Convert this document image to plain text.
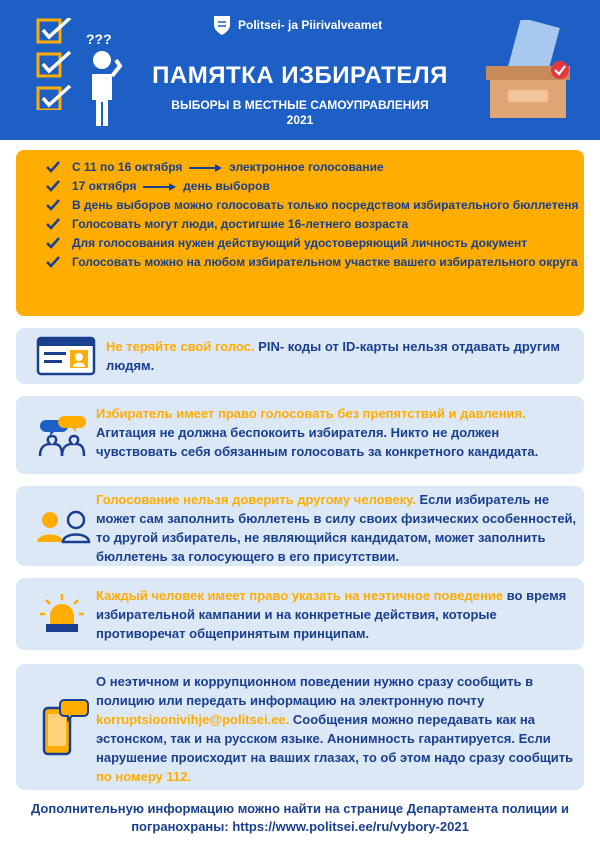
???
Politsei- ja Piirivalveamet
ПАМЯТКА ИЗБИРАТЕЛЯ
ВЫБОРЫ В МЕСТНЫЕ САМОУПРАВЛЕНИЯ
2021
С 11 по 16 октября	электронное голосование
17 октября	день выборов
В день выборов можно голосовать только посредством избирательного бюллетеня
Голосовать могут люди, достигшие 16-летнего возраста
Для голосования нужен действующий удостоверяющий личность документ
Голосовать можно на любом избирательном участке вашего избирательного округа
Не теряйте свой голос. PIN- коды от ID-карты нельзя отдавать другим людям.
Избиратель имеет право голосовать без препятствий и давления. Агитация не должна беспокоить избирателя. Никто не должен чувствовать себя обязанным голосовать за конкретного кандидата.
Голосование нельзя доверить другому человеку. Если избиратель не может сам заполнить бюллетень в силу своих физических особенностей, то другой избиратель, не являющийся кандидатом, может заполнить бюллетень за голосующего в его присутствии.
Каждый человек имеет право указать на неэтичное поведение во время избирательной кампании и на конкретные действия, которые противоречат общепринятым принципам.
О неэтичном и коррупционном поведении нужно сразу сообщить в полицию или передать информацию на электронную почту korruptsioonivihje@politsei.ee. Сообщения можно передавать как на эстонском, так и на русском языке. Анонимность гарантируется. Если нарушение происходит на ваших глазах, то об этом надо сразу сообщить по номеру 112.
Дополнительную информацию можно найти на странице Департамента полиции и погранохраны: https://www.politsei.ee/ru/vybory-2021
